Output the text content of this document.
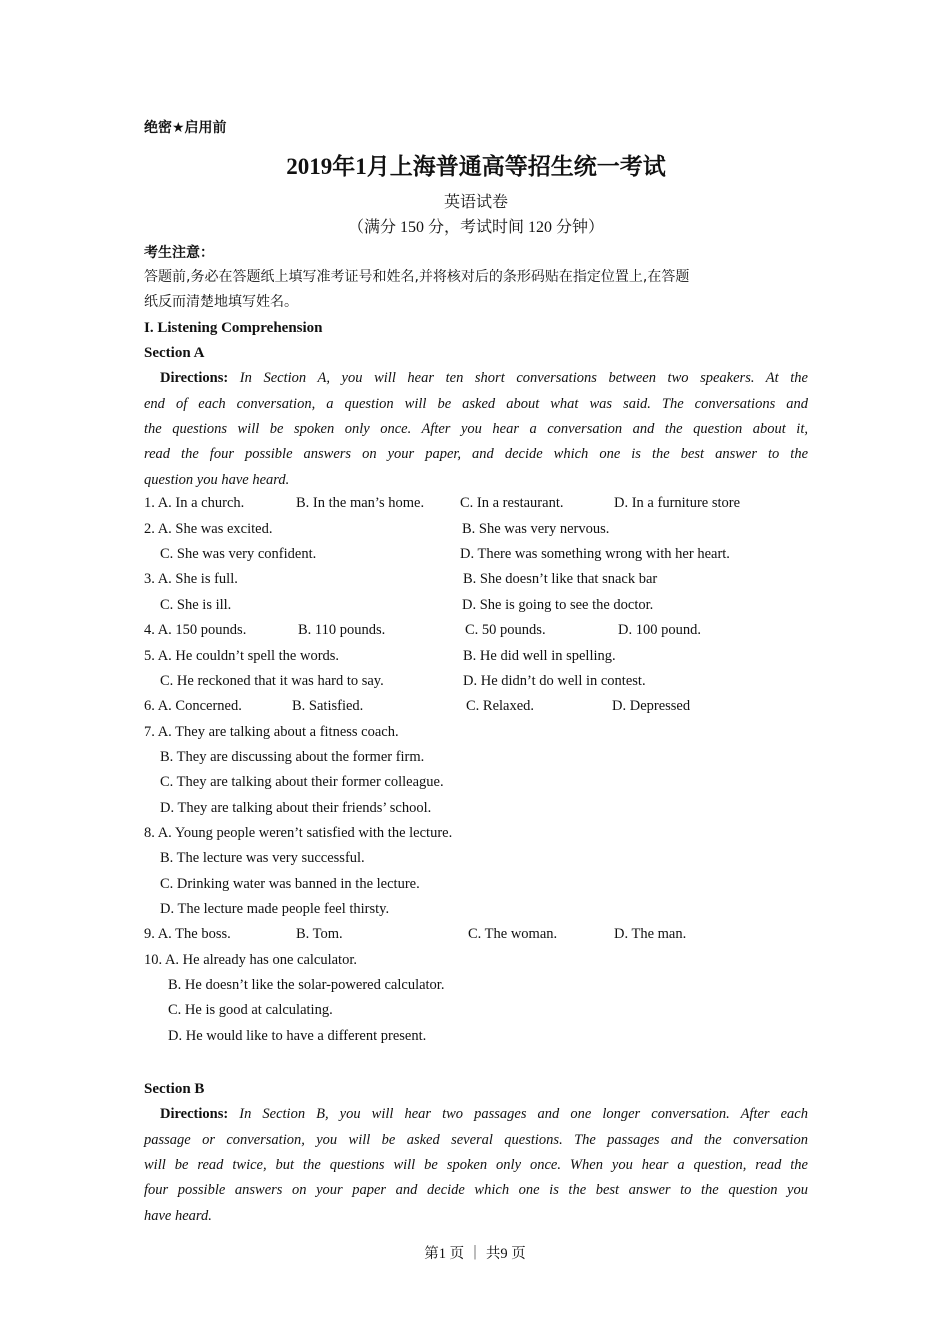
绝密★启用前
2019年1月上海普通高等招生统一考试
英语试卷
（满分 150 分，考试时间 120 分钟）
考生注意：
答题前,务必在答题纸上填写准考证号和姓名,并将核对后的条形码贴在指定位置上,在答题
纸反而清楚地填写姓名。
I. Listening Comprehension
Section A
Directions: In Section A, you will hear ten short conversations between two speakers. At the
end of each conversation, a question will be asked about what was said. The conversations and
the questions will be spoken only once. After you hear a conversation and the question about it,
read the four possible answers on your paper, and decide which one is the best answer to the
question you have heard.
1. A. In a church.	B. In the man’s home. C. In a restaurant.	D. In a furniture store
2. A. She was excited.	B. She was very nervous.
C. She was very confident.	D. There was something wrong with her heart.
3. A. She is full.	B. She doesn’t like that snack bar
C. She is ill.	D. She is going to see the doctor.
4. A. 150 pounds.	B. 110 pounds.	C. 50 pounds.	D. 100 pound.
5. A. He couldn’t spell the words.	B. He did well in spelling.
C. He reckoned that it was hard to say.	D. He didn’t do well in contest.
6. A. Concerned.	B. Satisfied.	C. Relaxed.	D. Depressed
7. A. They are talking about a fitness coach.
B. They are discussing about the former firm.
C. They are talking about their former colleague.
D. They are talking about their friends’ school.
8. A. Young people weren’t satisfied with the lecture.
B. The lecture was very successful.
C. Drinking water was banned in the lecture.
D. The lecture made people feel thirsty.
9. A. The boss.	B. Tom.	C. The woman.	D. The man.
10. A. He already has one calculator.
B. He doesn’t like the solar-powered calculator.
C. He is good at calculating.
D. He would like to have a different present.
Section B
Directions: In Section B, you will hear two passages and one longer conversation. After each
passage or conversation, you will be asked several questions. The passages and the conversation
will be read twice, but the questions will be spoken only once. When you hear a question, read the
four possible answers on your paper and decide which one is the best answer to the question you
have heard.
第1 页 ｜ 共9 页
